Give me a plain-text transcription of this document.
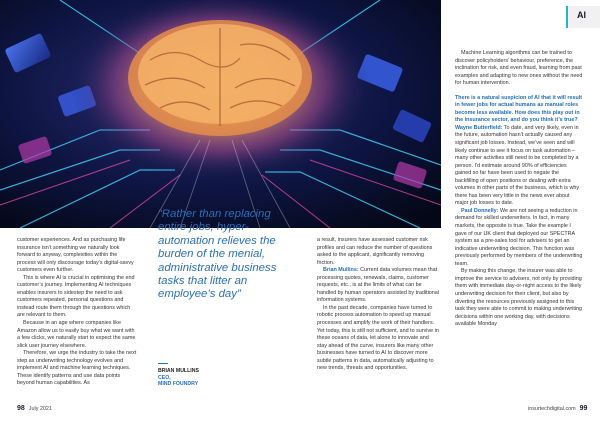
AI

customer experiences. And as purchasing life insurance isn’t something we naturally look forward to anyway, complexities within the process will only discourage today’s digital-savvy customers even further.

This is where AI is crucial in optimising the end customer’s journey. Implementing AI techniques enables insurers to sidestep the need to ask customers repeated, personal questions and instead route them through the questions which are relevant to them.

Because in an age where companies like Amazon allow us to easily buy what we want with a few clicks, we naturally start to expect the same slick user journey elsewhere.

Therefore, we urge the industry to take the next step as underwriting technology evolves and implement AI and machine learning techniques. These identify patterns and use data points beyond human capabilities. As

“Rather than replacing entire jobs, hyper-automation relieves the burden of the menial, administrative business tasks that litter an employee’s day”
BRIAN MULLINS
CEO,
MIND FOUNDRY

a result, insurers have assessed customer risk profiles and can reduce the number of questions asked to the applicant, significantly removing friction.

Brian Mullins: Current data volumes mean that processing quotes, renewals, claims, customer requests, etc., is at the limits of what can be handled by human operators assisted by traditional information systems.

In the past decade, companies have turned to robotic process automation to speed up manual processes and amplify the work of their handlers. Yet today, this is still not sufficient, and to survive in these oceans of data, let alone to innovate and stay ahead of the curve, insurers like many other businesses have turned to AI to discover more subtle patterns in data, automatically adjusting to new trends, threats and opportunities.

Machine Learning algorithms can be trained to discover policyholders’ behaviour, preference, the inclination for risk, and even fraud, learning from past examples and adapting to new ones without the need for human intervention.

There is a natural suspicion of AI that it will result in fewer jobs for actual humans as manual roles become less available. How does this play out in the insurance sector, and do you think it’s true?

Wayne Butterfield: To date, and very likely, even in the future, automation hasn’t actually caused any significant job losses. Instead, we’ve seen and will likely continue to see it focus on task automation – many other activities still need to be completed by a person. I’d estimate around 90% of efficiencies gained so far have been used to negate the backfilling of open positions or dealing with extra volumes in other parts of the business, which is why there has been very little in the news ever about major job losses to date.

Paul Donnelly: We are not seeing a reduction in demand for skilled underwriters. In fact, in many markets, the opposite is true. Take the example I gave of our UK client that deployed our SPECTRA system as a pre-sales tool for advisers to get an indicative underwriting decision. This function was previously performed by members of the underwriting team.

By making this change, the insurer was able to improve the service to advisers, not only by providing them with immediate day-or-night access to the likely underwriting decision for their client, but also by diverting the resources previously assigned to this task they were able to commit to making underwriting decisions within one working day, with decisions available Monday

98 July 2021	insurtechdigital.com 99
